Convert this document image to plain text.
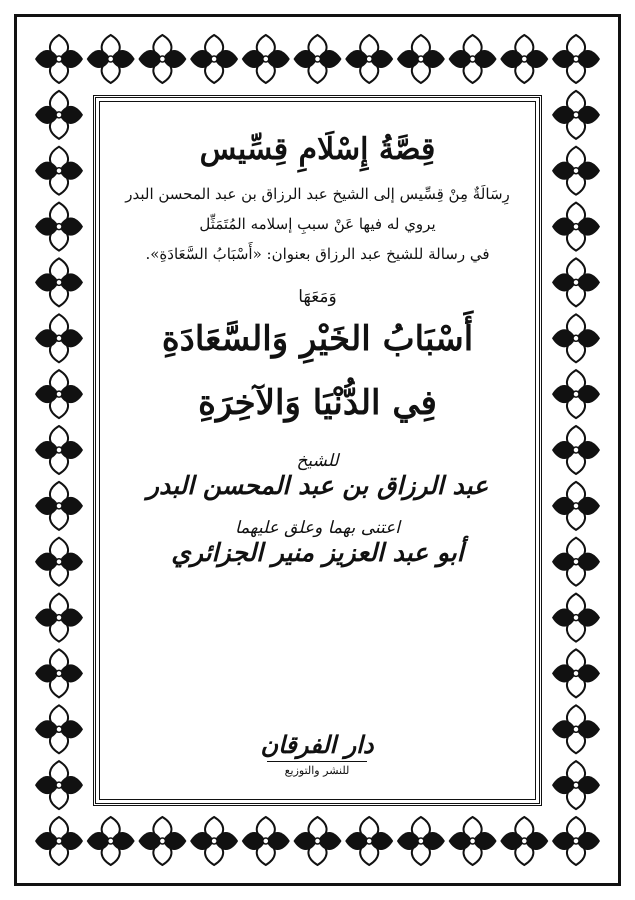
قِصَّةُ إِسْلَامِ قِسِّيس
رِسَالَةٌ مِنْ قِسِّيس إلى الشيخ عبد الرزاق بن عبد المحسن البدر
يروي له فيها عَنْ سببِ إسلامه المُتَمَثِّل
في رسالة للشيخ عبد الرزاق بعنوان: «أَسْبَابُ السَّعَادَةِ».
وَمَعَهَا
أَسْبَابُ الخَيْرِ وَالسَّعَادَةِ
فِي الدُّنْيَا وَالآخِرَةِ
للشيخ
عبد الرزاق بن عبد المحسن البدر
اعتنى بهما وعلق عليهما
أبو عبد العزيز منير الجزائري
دار الفرقان
للنشر والتوزيع
